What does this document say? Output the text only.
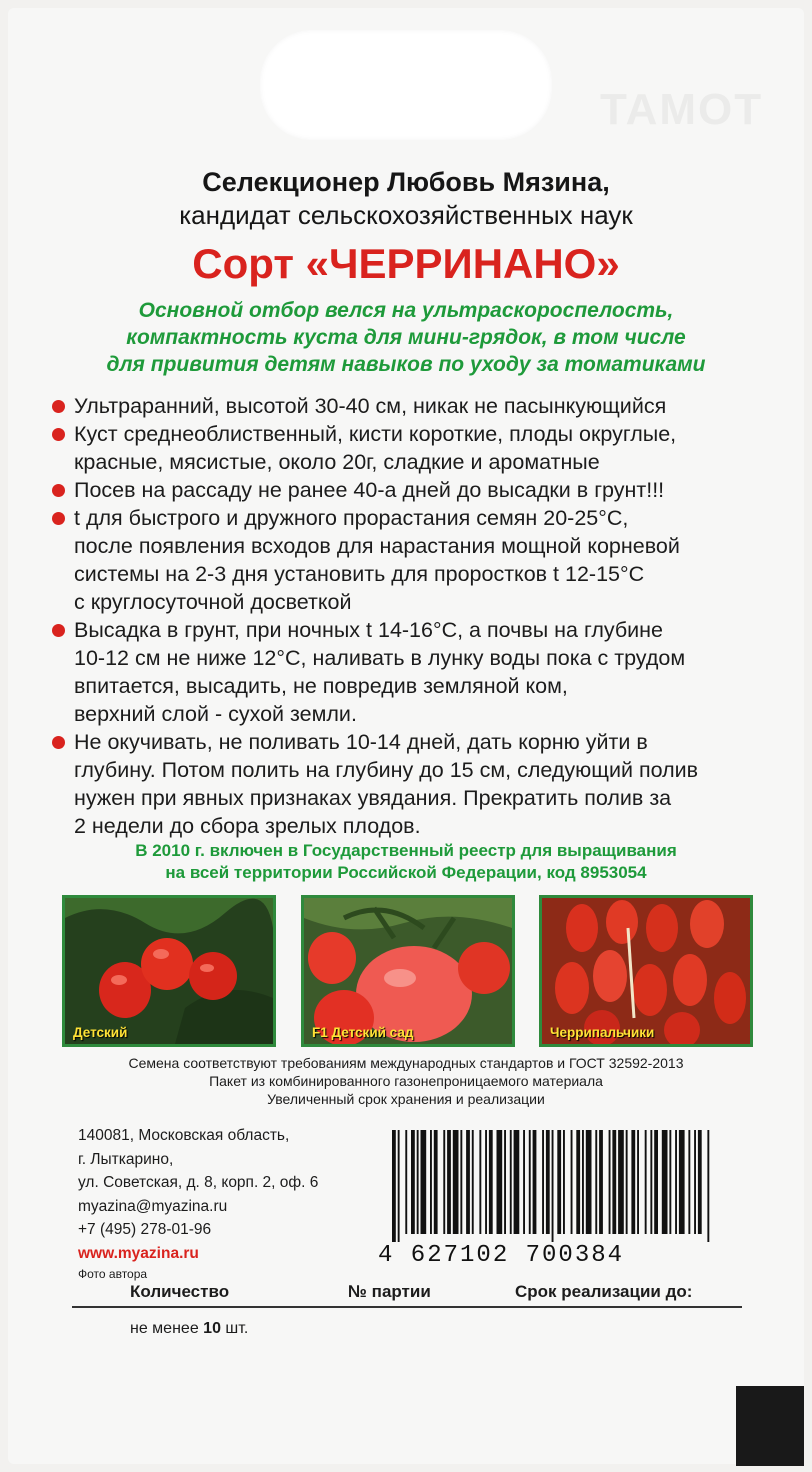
TAMOT
Селекционер Любовь Мязина,
кандидат сельскохозяйственных наук
Сорт «ЧЕРРИНАНО»
Основной отбор велся на ультраскороспелость,
компактность куста для мини-грядок, в том числе
для привития детям навыков по уходу за томатиками
Ультраранний, высотой 30-40 см, никак не пасынкующийся
Куст среднеоблиственный, кисти короткие, плоды округлые,
красные, мясистые, около 20г, сладкие и ароматные
Посев на рассаду не ранее 40-а дней до высадки в грунт!!!
t для быстрого и дружного прорастания семян 20-25°С,
после появления всходов для нарастания мощной корневой
системы на 2-3 дня установить для проростков t 12-15°С
с круглосуточной досветкой
Высадка в грунт, при ночных t 14-16°С, а почвы на глубине
10-12 см не ниже 12°С, наливать в лунку воды пока с трудом
впитается, высадить, не повредив земляной ком,
верхний слой - сухой земли.
Не окучивать, не поливать 10-14 дней, дать корню уйти в
глубину. Потом полить на глубину до 15 см, следующий полив
нужен при явных признаках увядания. Прекратить полив за
2 недели до сбора зрелых плодов.
В 2010 г. включен в Государственный реестр для выращивания
на всей территории Российской Федерации, код 8953054
Детский	F1 Детский сад	Черрипальчики
Семена соответствуют требованиям международных стандартов и ГОСТ 32592-2013
Пакет из комбинированного газонепроницаемого материала
Увеличенный срок хранения и реализации
140081, Московская область,
г. Лыткарино,
ул. Советская, д. 8, корп. 2, оф. 6
myazina@myazina.ru
+7 (495) 278-01-96
www.myazina.ru
Фото автора
4 627102 700384
Количество	№ партии	Срок реализации до:
не менее 10 шт.
